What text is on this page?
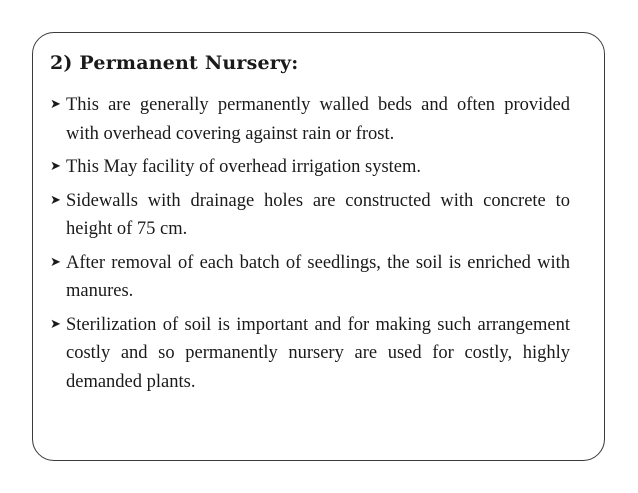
2) Permanent Nursery:
➤ This are generally permanently walled beds and often provided with overhead covering against rain or frost.
➤ This May facility of overhead irrigation system.
➤ Sidewalls with drainage holes are constructed with concrete to height of 75 cm.
➤ After removal of each batch of seedlings, the soil is enriched with manures.
➤ Sterilization of soil is important and for making such arrangement costly and so permanently nursery are used for costly, highly demanded plants.
